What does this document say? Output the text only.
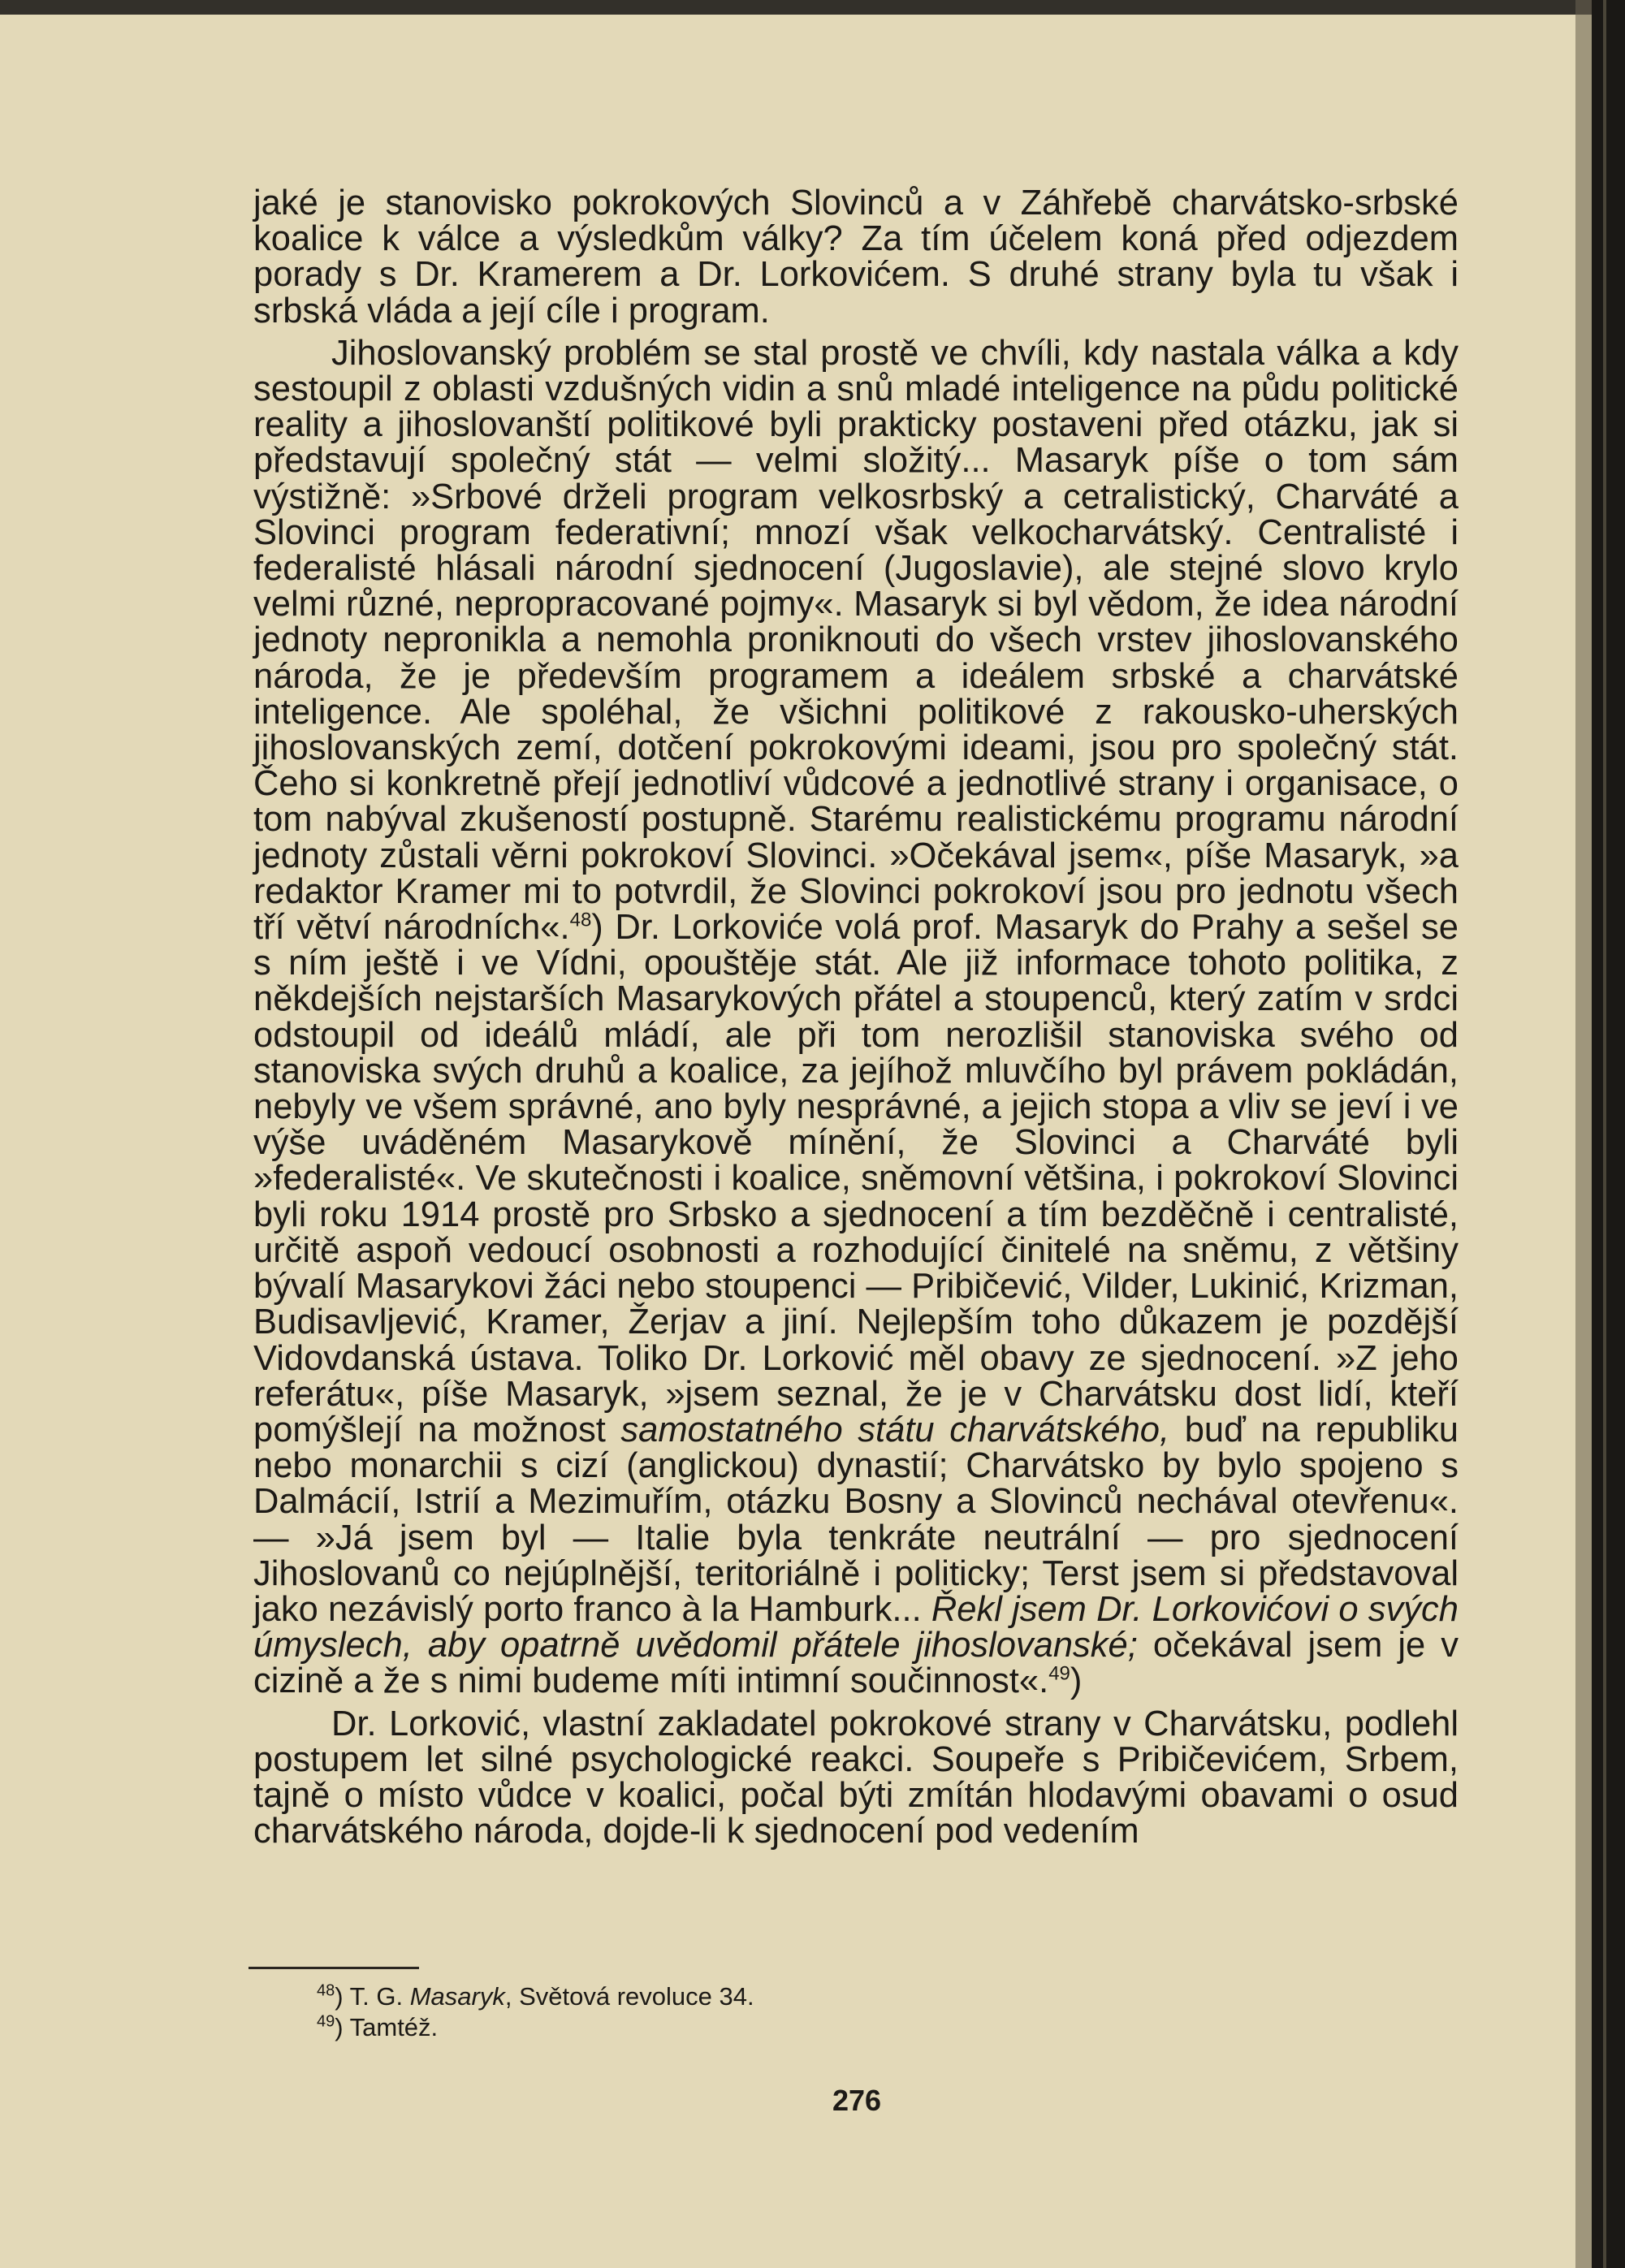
jaké je stanovisko pokrokových Slovinců a v Záhřebě charvátsko-srbské koalice k válce a výsledkům války? Za tím účelem koná před odjezdem porady s Dr. Kramerem a Dr. Lorkovićem. S druhé strany byla tu však i srbská vláda a její cíle i program.

Jihoslovanský problém se stal prostě ve chvíli, kdy nastala válka a kdy sestoupil z oblasti vzdušných vidin a snů mladé inteligence na půdu politické reality a jihoslovanští politikové byli prakticky postaveni před otázku, jak si představují společný stát — velmi složitý... Masaryk píše o tom sám výstižně: »Srbové drželi program velkosrbský a cetralistický, Charváté a Slovinci program federativní; mnozí však velkocharvátský. Centralisté i federalisté hlásali národní sjednocení (Jugoslavie), ale stejné slovo krylo velmi různé, nepropracované pojmy«. Masaryk si byl vědom, že idea národní jednoty nepronikla a nemohla proniknouti do všech vrstev jihoslovanského národa, že je především programem a ideálem srbské a charvátské inteligence. Ale spoléhal, že všichni politikové z rakousko-uherských jihoslovanských zemí, dotčení pokrokovými ideami, jsou pro společný stát. Čeho si konkretně přejí jednotliví vůdcové a jednotlivé strany i organisace, o tom nabýval zkušeností postupně. Starému realistickému programu národní jednoty zůstali věrni pokrokoví Slovinci. »Očekával jsem«, píše Masaryk, »a redaktor Kramer mi to potvrdil, že Slovinci pokrokoví jsou pro jednotu všech tří větví národních«.$^{48}$) Dr. Lorkoviće volá prof. Masaryk do Prahy a sešel se s ním ještě i ve Vídni, opouštěje stát. Ale již informace tohoto politika, z někdejších nejstarších Masarykových přátel a stoupenců, který zatím v srdci odstoupil od ideálů mládí, ale při tom nerozlišil stanoviska svého od stanoviska svých druhů a koalice, za jejíhož mluvčího byl právem pokládán, nebyly ve všem správné, ano byly nesprávné, a jejich stopa a vliv se jeví i ve výše uváděném Masarykově mínění, že Slovinci a Charváté byli »federalisté«. Ve skutečnosti i koalice, sněmovní většina, i pokrokoví Slovinci byli roku 1914 prostě pro Srbsko a sjednocení a tím bezděčně i centralisté, určitě aspoň vedoucí osobnosti a rozhodující činitelé na sněmu, z většiny bývalí Masarykovi žáci nebo stoupenci — Pribičević, Vilder, Lukinić, Krizman, Budisavljević, Kramer, Žerjav a jiní. Nejlepším toho důkazem je pozdější Vidovdanská ústava. Toliko Dr. Lorković měl obavy ze sjednocení. »Z jeho referátu«, píše Masaryk, »jsem seznal, že je v Charvátsku dost lidí, kteří pomýšlejí na možnost samostatného státu charvátského, buď na republiku nebo monarchii s cizí (anglickou) dynastií; Charvátsko by bylo spojeno s Dalmácií, Istrií a Mezimuřím, otázku Bosny a Slovinců nechával otevřenu«. — »Já jsem byl — Italie byla tenkráte neutrální — pro sjednocení Jihoslovanů co nejúplnější, teritoriálně i politicky; Terst jsem si představoval jako nezávislý porto franco à la Hamburk... Řekl jsem Dr. Lorkovićovi o svých úmyslech, aby opatrně uvědomil přátele jihoslovanské; očekával jsem je v cizině a že s nimi budeme míti intimní součinnost«.$^{49}$)

Dr. Lorković, vlastní zakladatel pokrokové strany v Charvátsku, podlehl postupem let silné psychologické reakci. Soupeře s Pribičevićem, Srbem, tajně o místo vůdce v koalici, počal býti zmítán hlodavými obavami o osud charvátského národa, dojde-li k sjednocení pod vedením

$^{48}$) T. G. Masaryk, Světová revoluce 34.

$^{49}$) Tamtéž.

276
